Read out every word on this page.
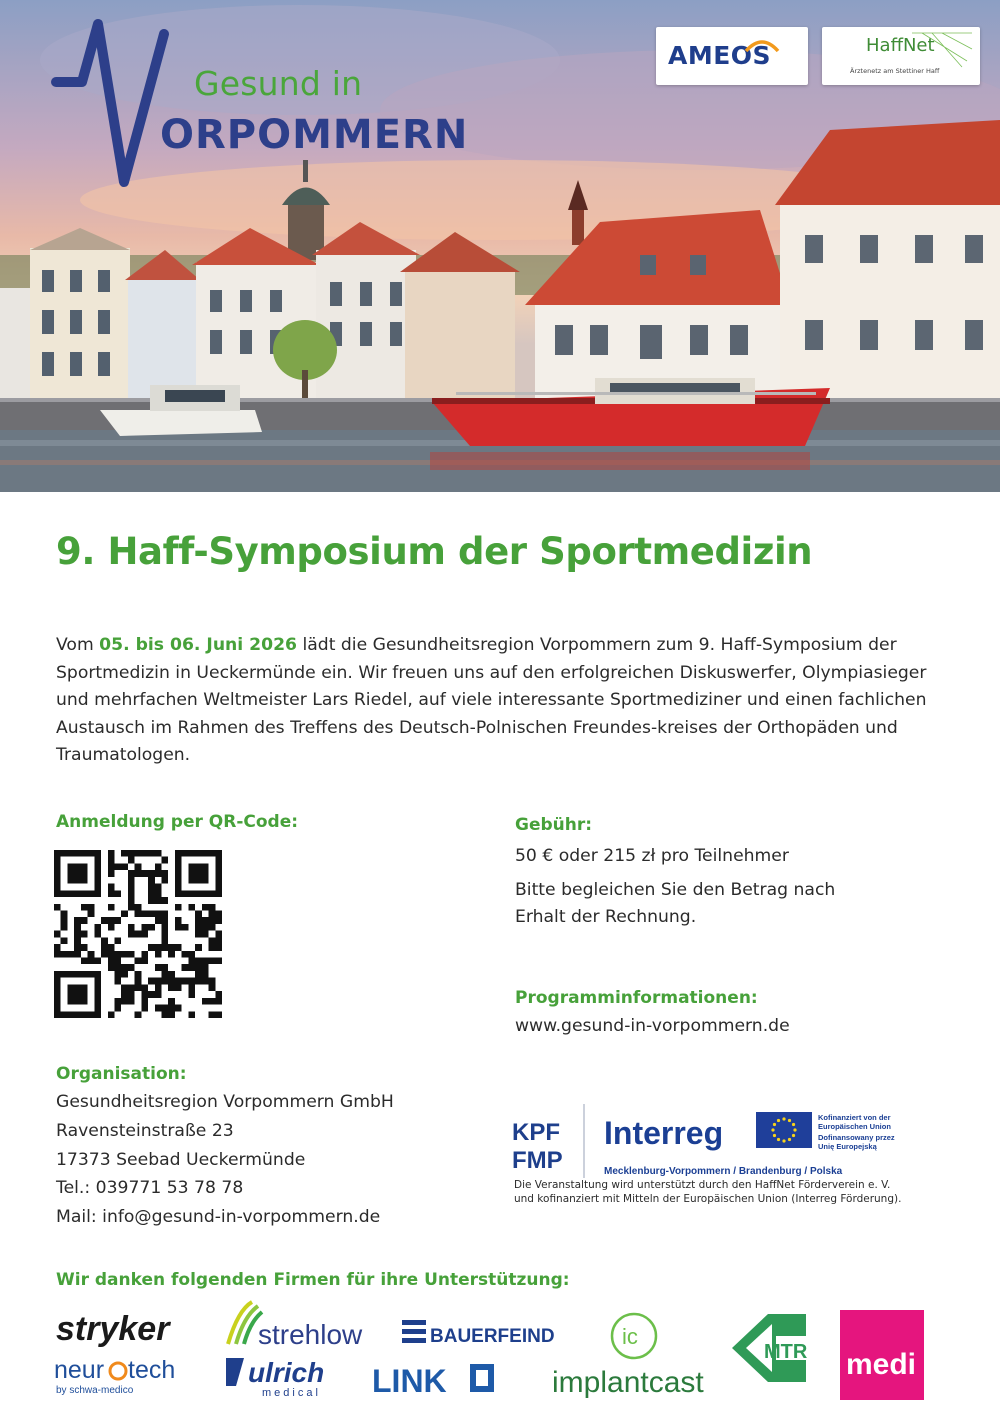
Gesund in
ORPOMMERN
AMEOS	HaffNet
Ärztenetz am Stettiner Haff
9. Haff-Symposium der Sportmedizin

Vom 05. bis 06. Juni 2026 lädt die Gesundheitsregion Vorpommern zum 9. Haff-Symposium der Sportmedizin in Ueckermünde ein. Wir freuen uns auf den erfolgreichen Diskuswerfer, Olympiasieger und mehrfachen Weltmeister Lars Riedel, auf viele interessante Sportmediziner und einen fachlichen Austausch im Rahmen des Treffens des Deutsch-Polnischen Freundes-kreises der Orthopäden und Traumatologen.

Anmeldung per QR-Code:	Gebühr:
50 € oder 215 zł pro Teilnehmer
Bitte begleichen Sie den Betrag nach
Erhalt der Rechnung.
Programminformationen:
www.gesund-in-vorpommern.de
Organisation:
Gesundheitsregion Vorpommern GmbH
Ravensteinstraße 23
17373 Seebad Ueckermünde
Tel.: 039771 53 78 78
Mail: info@gesund-in-vorpommern.de
KPF
FMP
Interreg	Kofinanziert von der
Europäischen Union
Dofinansowany przez
Unię Europejską
Mecklenburg-Vorpommern / Brandenburg / Polska
Die Veranstaltung wird unterstützt durch den HaffNet Förderverein e. V.
und kofinanziert mit Mitteln der Europäischen Union (Interreg Förderung).
Wir danken folgenden Firmen für ihre Unterstützung:
stryker
neur tech
by schwa-medico
strehlow
ulrich
medical
BAUERFEIND
LINK
ic
implantcast
MTR medi
